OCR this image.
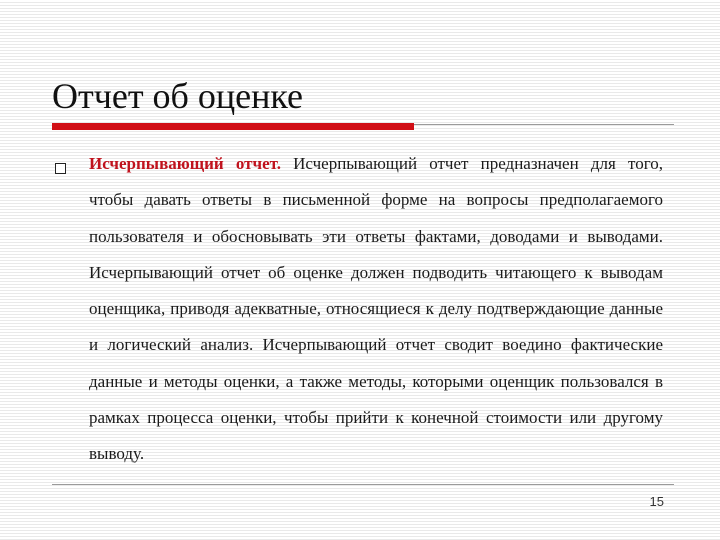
Отчет об оценке
Исчерпывающий отчет. Исчерпывающий отчет предназначен для того, чтобы давать ответы в письменной форме на вопросы предполагаемого пользователя и обосновывать эти ответы фактами, доводами и выводами. Исчерпывающий отчет об оценке должен подводить читающего к выводам оценщика, приводя адекватные, относящиеся к делу подтверждающие данные и логический анализ. Исчерпывающий отчет сводит воедино фактические данные и методы оценки, а также методы, которыми оценщик пользовался в рамках процесса оценки, чтобы прийти к конечной стоимости или другому выводу.
15
